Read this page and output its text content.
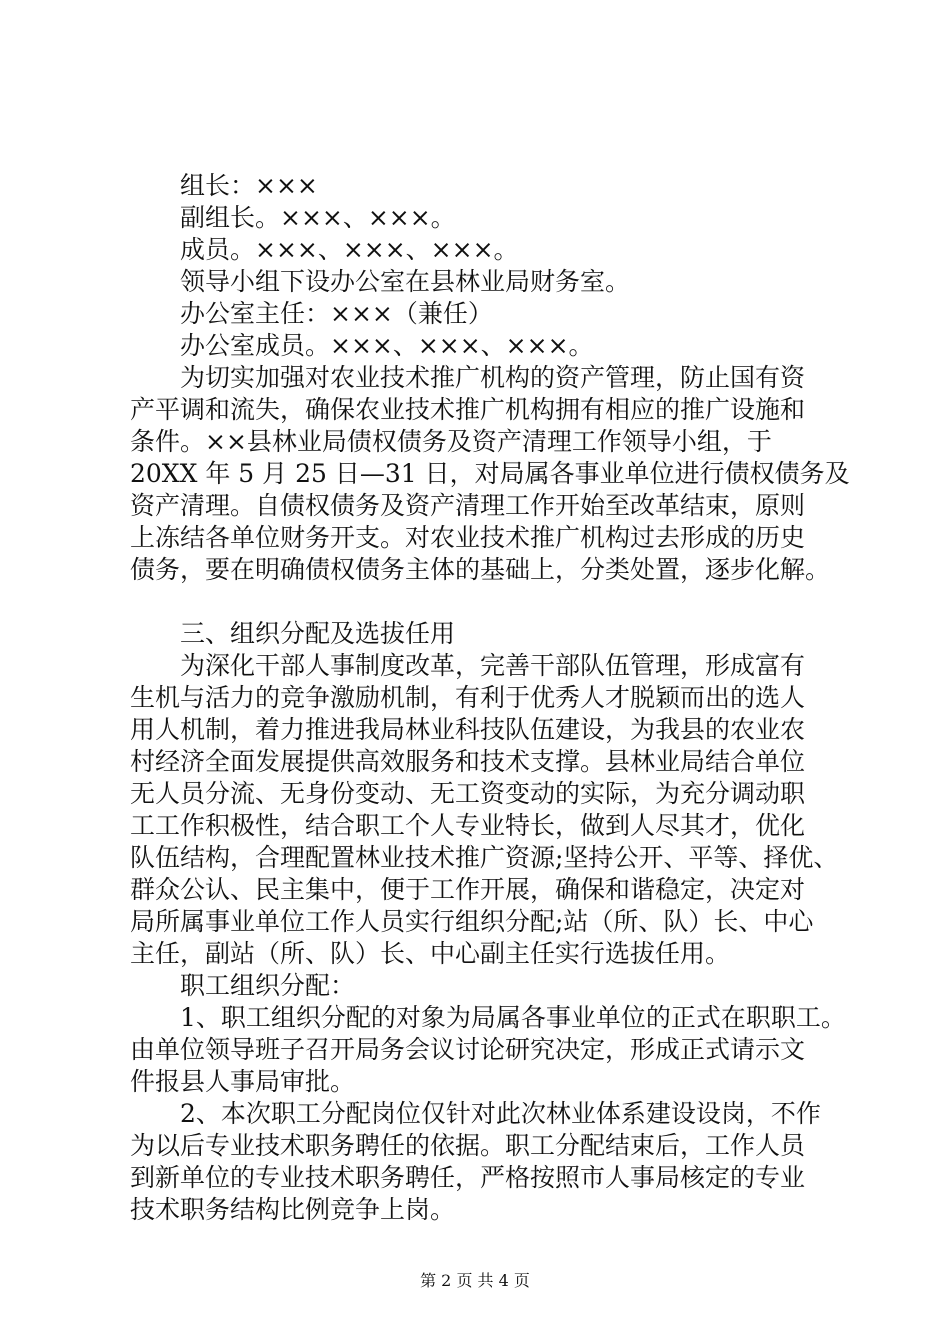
组长：×××

副组长。×××、×××。

成员。×××、×××、×××。

领导小组下设办公室在县林业局财务室。

办公室主任：×××（兼任）

办公室成员。×××、×××、×××。

为切实加强对农业技术推广机构的资产管理，防止国有资

产平调和流失，确保农业技术推广机构拥有相应的推广设施和

条件。××县林业局债权债务及资产清理工作领导小组，于

20XX 年 5 月 25 日—31 日，对局属各事业单位进行债权债务及

资产清理。自债权债务及资产清理工作开始至改革结束，原则

上冻结各单位财务开支。对农业技术推广机构过去形成的历史

债务，要在明确债权债务主体的基础上，分类处置，逐步化解。

三、组织分配及选拔任用

为深化干部人事制度改革，完善干部队伍管理，形成富有

生机与活力的竞争激励机制，有利于优秀人才脱颖而出的选人

用人机制，着力推进我局林业科技队伍建设，为我县的农业农

村经济全面发展提供高效服务和技术支撑。县林业局结合单位

无人员分流、无身份变动、无工资变动的实际，为充分调动职

工工作积极性，结合职工个人专业特长，做到人尽其才，优化

队伍结构，合理配置林业技术推广资源;坚持公开、平等、择优、

群众公认、民主集中，便于工作开展，确保和谐稳定，决定对

局所属事业单位工作人员实行组织分配;站（所、队）长、中心

主任，副站（所、队）长、中心副主任实行选拔任用。

职工组织分配：

1、职工组织分配的对象为局属各事业单位的正式在职职工。

由单位领导班子召开局务会议讨论研究决定，形成正式请示文

件报县人事局审批。

2、本次职工分配岗位仅针对此次林业体系建设设岗，不作

为以后专业技术职务聘任的依据。职工分配结束后，工作人员

到新单位的专业技术职务聘任，严格按照市人事局核定的专业

技术职务结构比例竞争上岗。

第 2 页 共 4 页
